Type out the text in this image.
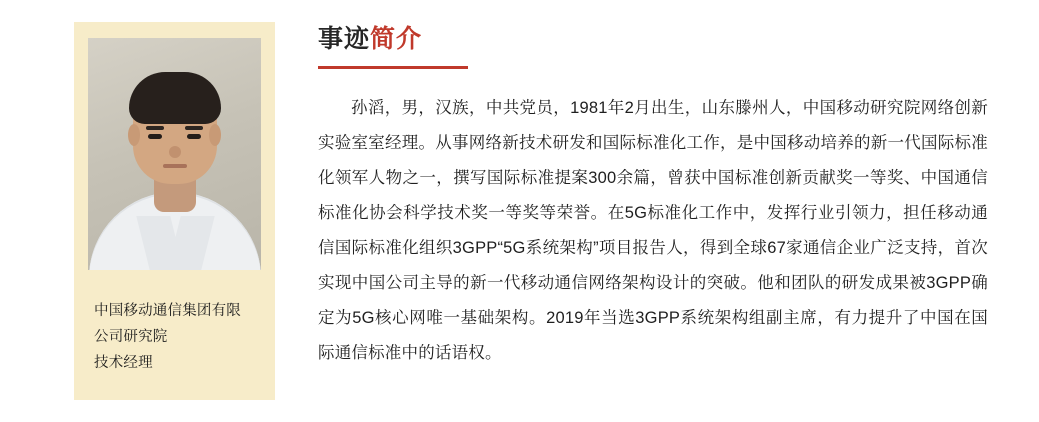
中国移动通信集团有限
公司研究院
技术经理
事迹简介
孙滔，男，汉族，中共党员，1981年2月出生，山东滕州人，中国移动研究院网络创新实验室室经理。从事网络新技术研发和国际标准化工作，是中国移动培养的新一代国际标准化领军人物之一，撰写国际标准提案300余篇，曾获中国标准创新贡献奖一等奖、中国通信标准化协会科学技术奖一等奖等荣誉。在5G标准化工作中，发挥行业引领力，担任移动通信国际标准化组织3GPP“5G系统架构”项目报告人，得到全球67家通信企业广泛支持，首次实现中国公司主导的新一代移动通信网络架构设计的突破。他和团队的研发成果被3GPP确定为5G核心网唯一基础架构。2019年当选3GPP系统架构组副主席，有力提升了中国在国际通信标准中的话语权。
